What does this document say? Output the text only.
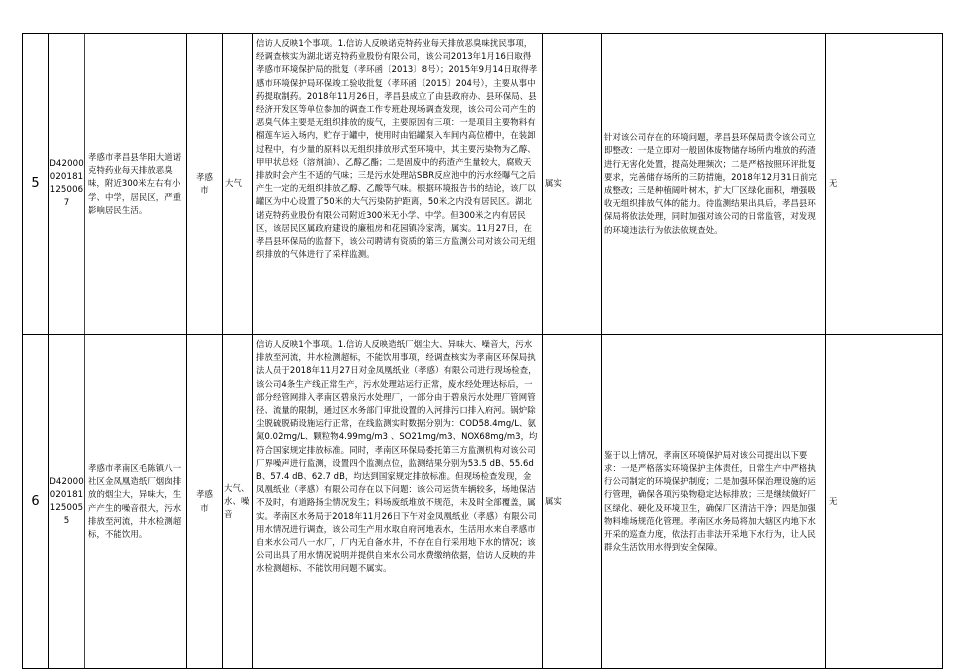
5
D42000
020181
125006
7

孝感市孝昌县华阳大道诺克特药业每天排放恶臭味，附近300米左右有小学、中学，居民区，严重影响居民生活。

孝感市
大气

信访人反映1个事项。1.信访人反映诺克特药业每天排放恶臭味扰民事项，经调查核实为湖北诺克特药业股份有限公司，该公司2013年1月16日取得孝感市环境保护局的批复（孝环函〔2013〕8号）；2015年9月14日取得孝感市环境保护局环保竣工验收批复（孝环函〔2015〕204号），主要从事中药提取制药。2018年11月26日，孝昌县成立了由县政府办、县环保局、县经济开发区等单位参加的调查工作专班赴现场调查发现，该公司公司产生的恶臭气体主要是无组织排放的废气，主要原因有三项：一是项目主要物料有榴莲车运入场内，贮存于罐中，使用时由铝罐泵入车间内高位槽中，在装卸过程中，有少量的原料以无组织排放形式至环境中，其主要污染物为乙醇、甲甲状总烃（溶剂油）、乙醇乙酯；二是固废中的药渣产生量较大，腐败天排放时会产生不适的气味；三是污水处理站SBR反应池中的污水经曝气之后产生一定的无组织排放乙醇、乙酸等气味。根据环境报告书的结论，该厂以罐区为中心设置了50米的大气污染防护距离，50米之内没有居民区。湖北诺克特药业股份有限公司附近300米无小学、中学。但300米之内有居民区，该居民区属政府建设的廉租房和花园镇冷家湾，属实。11月27日，在孝昌县环保局的监督下，该公司聘请有资质的第三方监测公司对该公司无组织排放的气体进行了采样监测。

属实

针对该公司存在的环境问题，孝昌县环保局责令该公司立即整改：一是立即对一般固体废物储存场所内堆放的药渣进行无害化处置，提高处理频次；二是严格按照环评批复要求，完善储存场所的三防措施，2018年12月31日前完成整改；三是种植阔叶树木，扩大厂区绿化面积，增强吸收无组织排放气体的能力。待监测结果出具后，孝昌县环保局将依法处理，同时加强对该公司的日常监管，对发现的环境违法行为依法依规查处。

无
6
D42000
020181
125005
5

孝感市孝南区毛陈镇八一社区金凤凰造纸厂烟囱排放的烟尘大，异味大，生产产生的噪音很大，污水排放至河流，井水检测超标，不能饮用。

孝感市
大气、水、噪音

信访人反映1个事项。1.信访人反映造纸厂烟尘大、异味大、噪音大，污水排放至河流，井水检测超标，不能饮用事项，经调查核实为孝南区环保局执法人员于2018年11月27日对金凤凰纸业（孝感）有限公司进行现场检查，该公司4条生产线正常生产，污水处理站运行正常，废水经处理达标后，一部分经管网排入孝南区碧泉污水处理厂，一部分由于碧泉污水处理厂管网管径、流量的限制，通过区水务部门审批设置的入河排污口排入府河。锅炉除尘脱硫脱硝设施运行正常，在线监测实时数据分别为：COD58.4mg/L、氨氮0.02mg/L、颗粒物4.99mg/m3 、SO21mg/m3、NOX68mg/m3，均符合国家规定排放标准。同时，孝南区环保局委托第三方监测机构对该公司厂界噪声进行监测，设置四个监测点位，监测结果分别为53.5 dB、55.6dB、57.4 dB、62.7 dB，均达到国家规定排放标准。但现场检查发现，金凤凰纸业（孝感）有限公司存在以下问题：该公司运货车辆较多，场地保洁不及时，有道路扬尘情况发生；料场废纸堆放不规范，未及时全部覆盖，属实。孝南区水务局于2018年11月26日下午对金凤凰纸业（孝感）有限公司用水情况进行调查，该公司生产用水取自府河地表水，生活用水来自孝感市自来水公司八一水厂，厂内无自备水井，不存在自行采用地下水的情况；该公司出具了用水情况说明并提供自来水公司水费缴纳依据，信访人反映的井水检测超标、不能饮用问题不属实。

属实

鉴于以上情况，孝南区环境保护局对该公司提出以下要求：一是严格落实环境保护主体责任，日常生产中严格执行公司制定的环境保护制度；二是加强环保治理设施的运行管理，确保各项污染物稳定达标排放；三是继续做好厂区绿化、硬化及环境卫生，确保厂区清洁干净；四是加强物料堆场规范化管理。孝南区水务局将加大辖区内地下水开采的巡查力度，依法打击非法开采地下水行为，让人民群众生活饮用水得到安全保障。

无
